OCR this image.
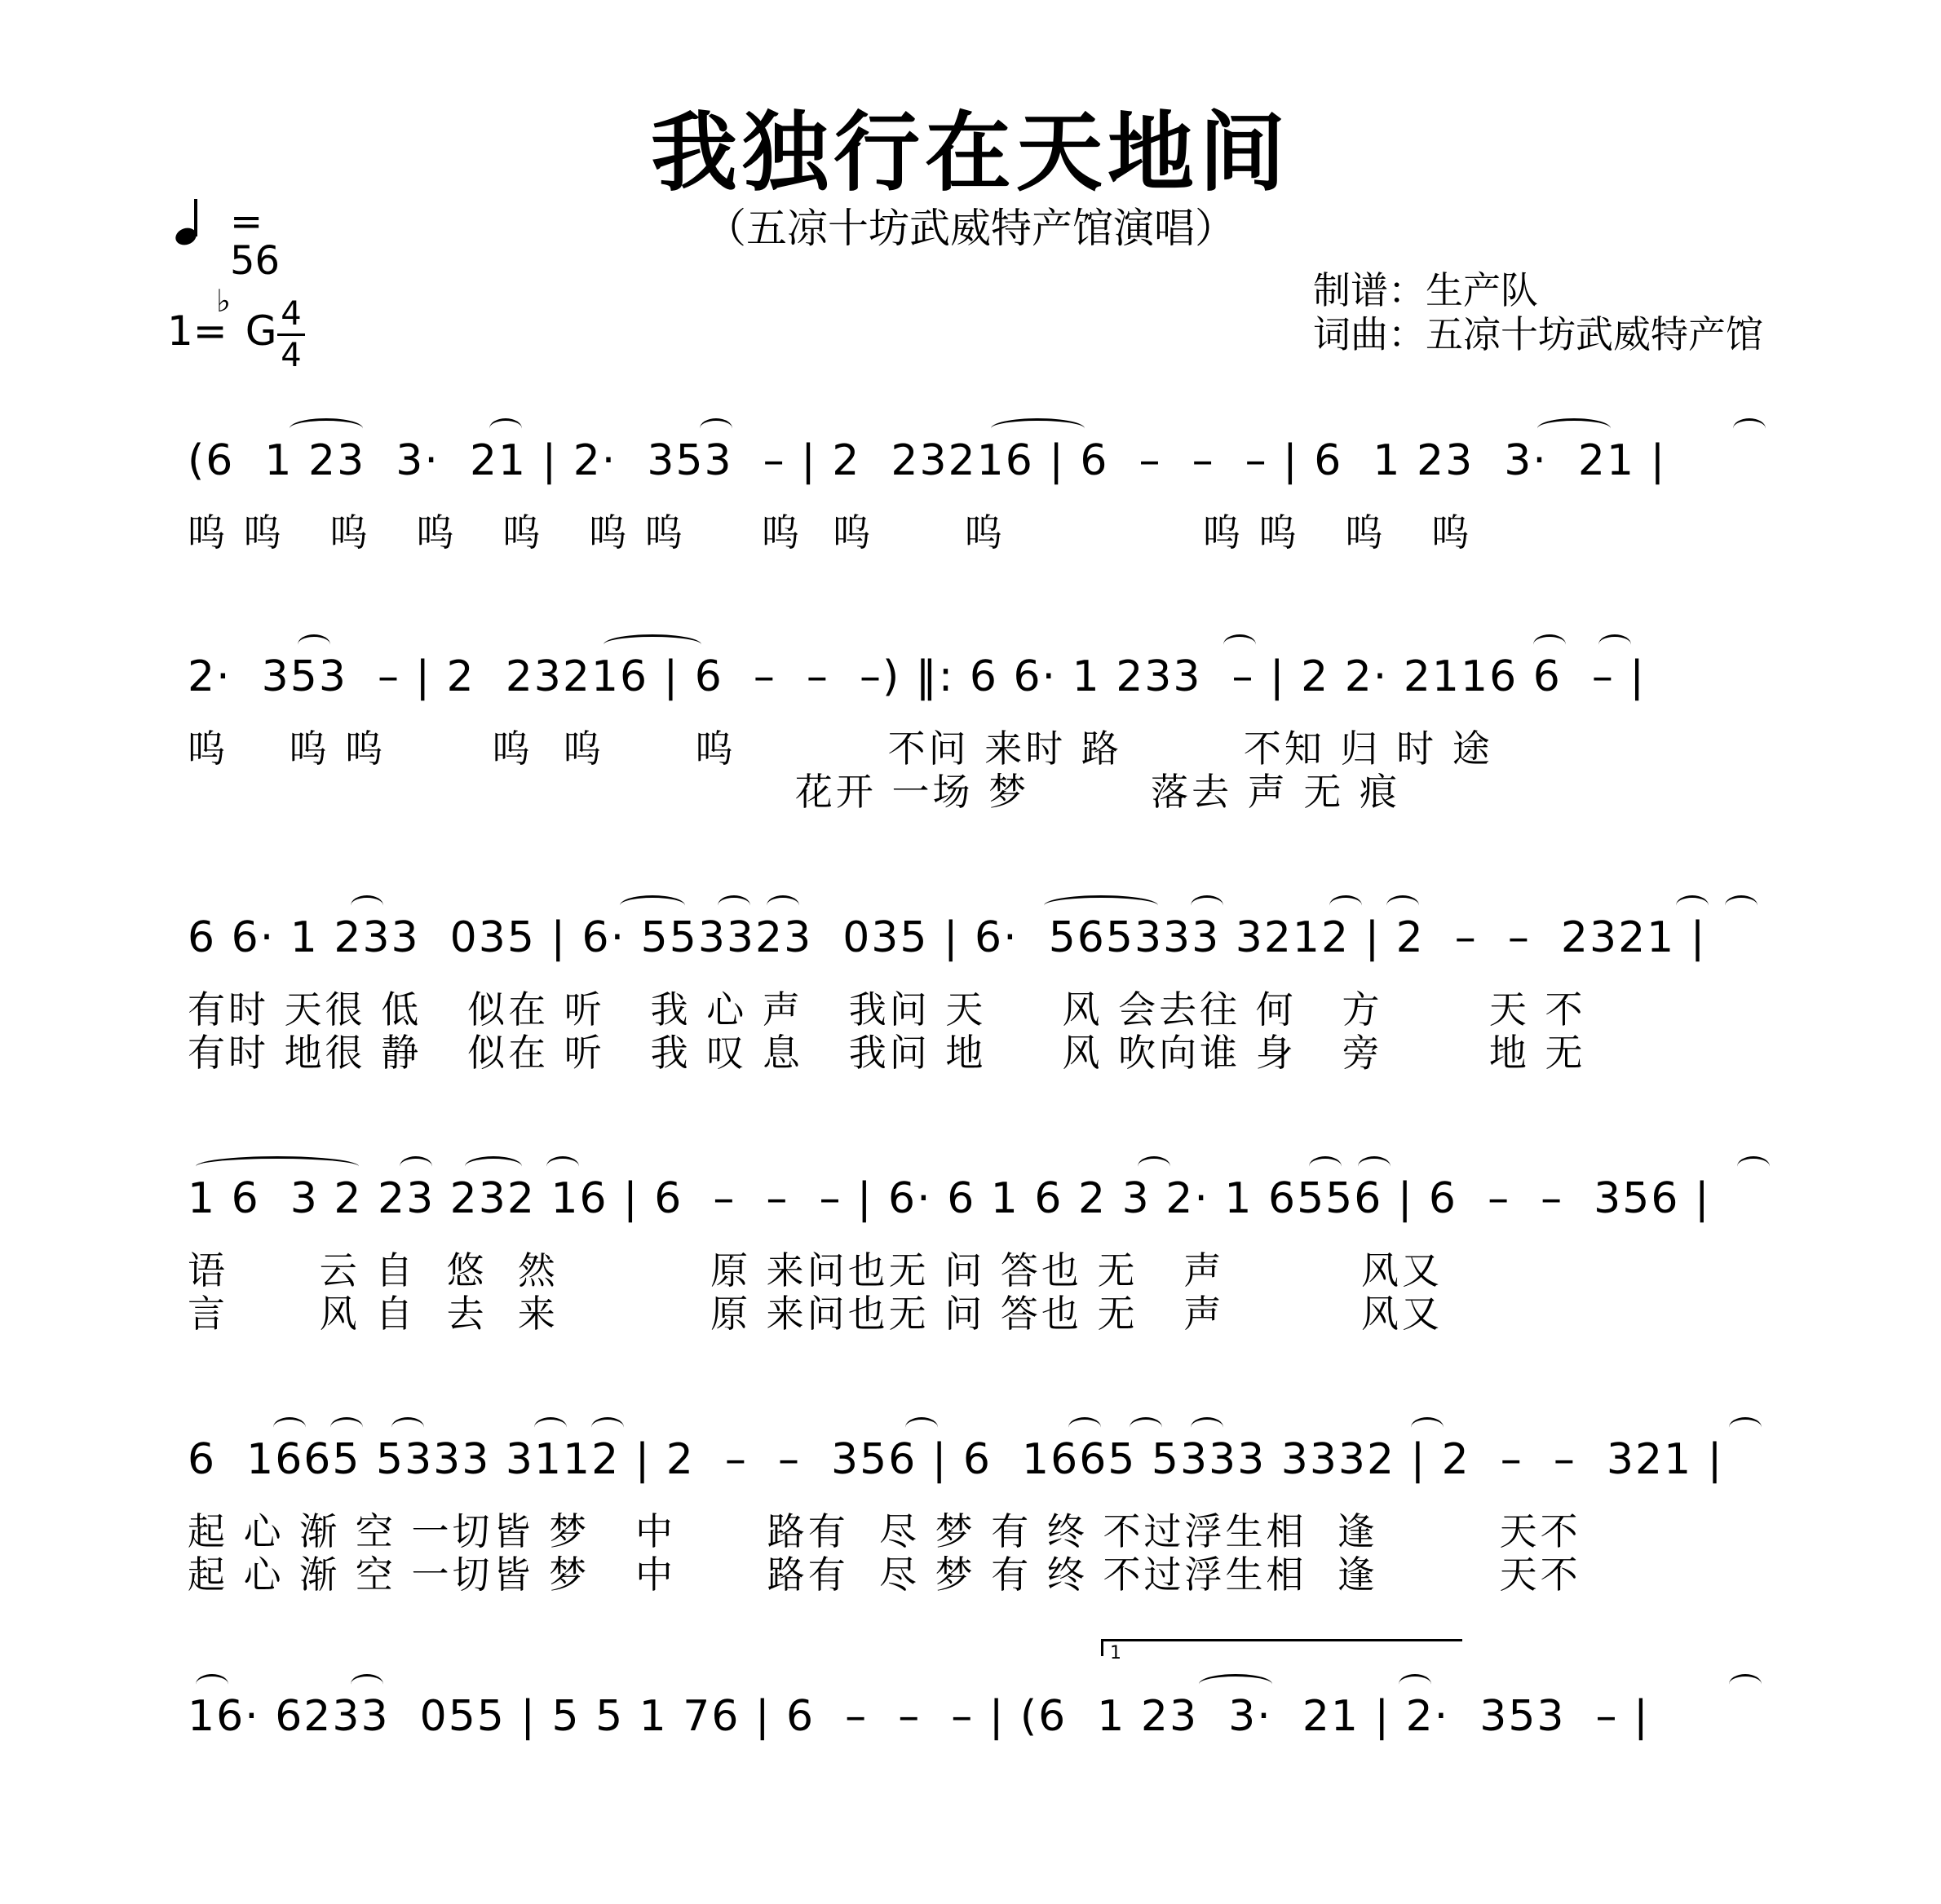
我独行在天地间
（五凉十坊武威特产馆演唱）
= 56
1= G
♭ 4
4
制谱：生产队
词曲：五凉十坊武威特产馆
(6  1 23  3·  21 | 2·  353  – | 2  23216 | 6  –  –  – | 6  1 23  3·  21 |
呜 呜   呜   呜   呜   呜 呜     呜  呜      呜             呜 呜   呜   呜
2·  353  – | 2  23216 | 6  –  –  –) ‖: 6 6· 1 233  – | 2 2· 2116 6  – |
呜    呜 呜       呜  呜      呜          不问 来时 路        不知 归 时 途
花开 一场 梦        落去 声 无 痕
6 6· 1 233  035 | 6· 553323  035 | 6·  565333 3212 | 2  –  –  2321 |
有时 天很 低   似在 听   我 心 声   我问 天     风 会去往 何   方       天 不
有时 地很 静   似在 听   我 叹 息   我问 地     风 吹向谁 身   旁       地 无
1 6  3 2 23 232 16 | 6  –  –  – | 6· 6 1 6 2 3 2· 1 6556 | 6  –  –  356 |
语      云 自  悠  然          原 来问也无 问 答也 无   声         风又
言      风 自  去  来          原 来问也无 问 答也 无   声         风又
6  1665 5333 3112 | 2  –  –  356 | 6  1665 5333 3332 | 2  –  –  321 |
起 心 渐 空 一切皆 梦   中      路有  尽 梦 有 终 不过浮生相  逢        天不
起 心 渐 空 一切皆 梦   中      路有  尽 梦 有 终 不过浮生相  逢        天不
16· 6233  055 | 5 5 1 76 | 6  –  –  – | (6  1 23  3·  21 | 2·  353  – |
1
